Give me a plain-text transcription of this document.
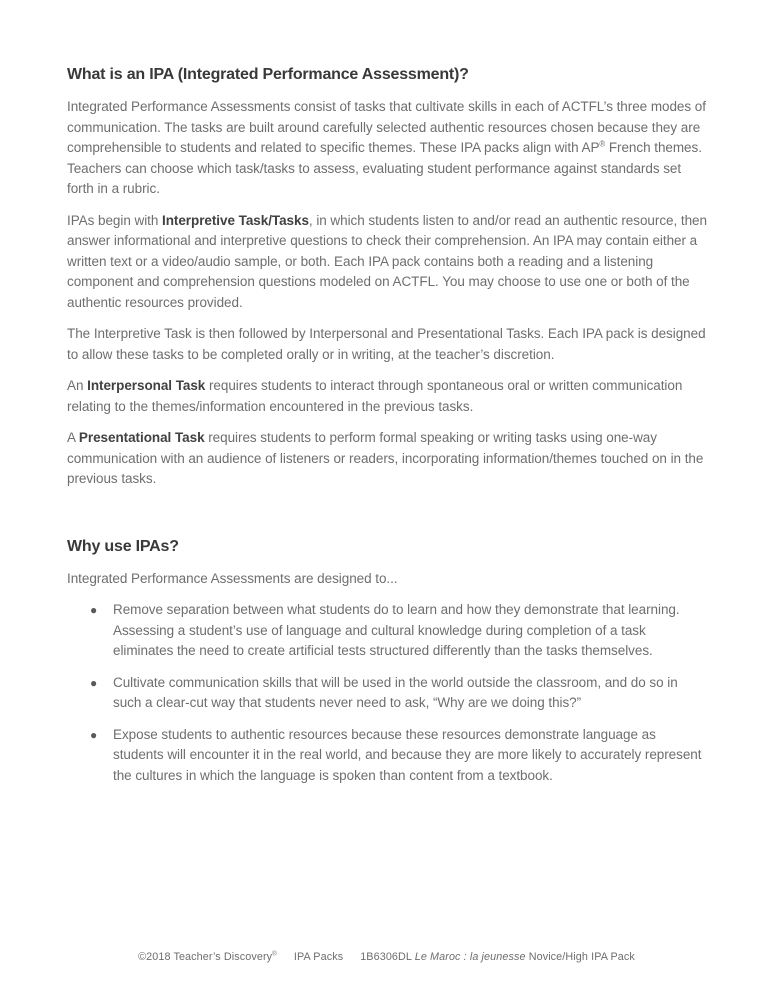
What is an IPA (Integrated Performance Assessment)?

Integrated Performance Assessments consist of tasks that cultivate skills in each of ACTFL’s three modes of communication. The tasks are built around carefully selected authentic resources chosen because they are comprehensible to students and related to specific themes. These IPA packs align with AP® French themes. Teachers can choose which task/tasks to assess, evaluating student performance against standards set forth in a rubric.

IPAs begin with Interpretive Task/Tasks, in which students listen to and/or read an authentic resource, then answer informational and interpretive questions to check their comprehension. An IPA may contain either a written text or a video/audio sample, or both. Each IPA pack contains both a reading and a listening component and comprehension questions modeled on ACTFL. You may choose to use one or both of the authentic resources provided.

The Interpretive Task is then followed by Interpersonal and Presentational Tasks. Each IPA pack is designed to allow these tasks to be completed orally or in writing, at the teacher’s discretion.

An Interpersonal Task requires students to interact through spontaneous oral or written communication relating to the themes/information encountered in the previous tasks.

A Presentational Task requires students to perform formal speaking or writing tasks using one-way communication with an audience of listeners or readers, incorporating information/themes touched on in the previous tasks.

Why use IPAs?

Integrated Performance Assessments are designed to...

●	Remove separation between what students do to learn and how they demonstrate that learning. Assessing a student’s use of language and cultural knowledge during completion of a task eliminates the need to create artificial tests structured differently than the tasks themselves.
●	Cultivate communication skills that will be used in the world outside the classroom, and do so in such a clear-cut way that students never need to ask, “Why are we doing this?”
●	Expose students to authentic resources because these resources demonstrate language as students will encounter it in the real world, and because they are more likely to accurately represent the cultures in which the language is spoken than content from a textbook.
©2018 Teacher’s Discovery® IPA Packs 1B6306DL Le Maroc : la jeunesse Novice/High IPA Pack
